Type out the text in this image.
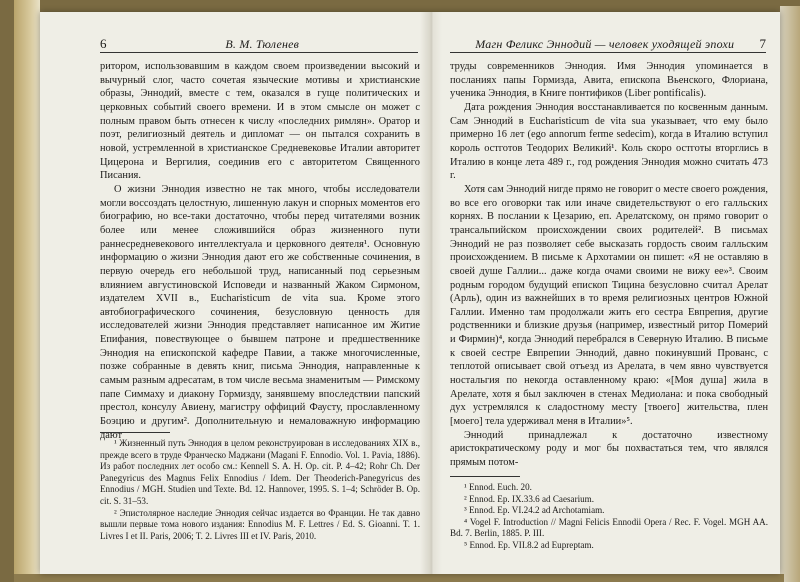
6	В. М. Тюленев

ритором, использовавшим в каждом своем произведении высокий и вычурный слог, часто сочетая языческие мотивы и христианские образы, Эннодий, вместе с тем, оказался в гуще политических и церковных событий своего времени. И в этом смысле он может с полным правом быть отнесен к числу «последних римлян». Оратор и поэт, религиозный деятель и дипломат — он пытался сохранить в новой, устремленной в христианское Средневековье Италии авторитет Цицерона и Вергилия, соединив его с авторитетом Священного Писания.

О жизни Эннодия известно не так много, чтобы исследователи могли воссоздать целостную, лишенную лакун и спорных моментов его биографию, но все-таки достаточно, чтобы перед читателями возник более или менее сложившийся образ жизненного пути раннесредневекового интеллектуала и церковного деятеля¹. Основную информацию о жизни Эннодия дают его же собственные сочинения, в первую очередь его небольшой труд, написанный под серьезным влиянием августиновской Исповеди и названный Жаком Сирмоном, издателем XVII в., Eucharisticum de vita sua. Кроме этого автобиографического сочинения, безусловную ценность для исследователей жизни Эннодия представляет написанное им Житие Епифания, повествующее о бывшем патроне и предшественнике Эннодия на епископской кафедре Павии, а также многочисленные, позже собранные в девять книг, письма Эннодия, направленные к самым разным адресатам, в том числе весьма знаменитым — Римскому папе Симмаху и диакону Гормизду, занявшему впоследствии папский престол, консулу Авиену, магистру оффиций Фаусту, прославленному Боэцию и другим². Дополнительную и немаловажную информацию дают

¹ Жизненный путь Эннодия в целом реконструирован в исследованиях XIX в., прежде всего в труде Франческо Маджани (Magani F. Ennodio. Vol. 1. Pavia, 1886). Из работ последних лет особо см.: Kennell S. A. H. Op. cit. P. 4–42; Rohr Ch. Der Panegyricus des Magnus Felix Ennodius / Idem. Der Theoderich-Panegyricus des Ennodius / MGH. Studien und Texte. Bd. 12. Hannover, 1995. S. 1–4; Schröder B. Op. cit. S. 31–53.

² Эпистолярное наследие Эннодия сейчас издается во Франции. Не так давно вышли первые тома нового издания: Ennodius M. F. Lettres / Ed. S. Gioanni. T. 1. Livres I et II. Paris, 2006; T. 2. Livres III et IV. Paris, 2010.

Магн Феликс Эннодий — человек уходящей эпохи	7

труды современников Эннодия. Имя Эннодия упоминается в посланиях папы Гормизда, Авита, епископа Вьенского, Флориана, ученика Эннодия, в Книге понтификов (Liber pontificalis).

Дата рождения Эннодия восстанавливается по косвенным данным. Сам Эннодий в Eucharisticum de vita sua указывает, что ему было примерно 16 лет (ego annorum ferme sedecim), когда в Италию вступил король остготов Теодорих Великий¹. Коль скоро остготы вторглись в Италию в конце лета 489 г., год рождения Эннодия можно считать 473 г.

Хотя сам Эннодий нигде прямо не говорит о месте своего рождения, во все его оговорки так или иначе свидетельствуют о его галльских корнях. В послании к Цезарию, еп. Арелатскому, он прямо говорит о трансальпийском происхождении своих родителей². В письмах Эннодий не раз позволяет себе высказать гордость своим галльским происхождением. В письме к Архотамии он пишет: «Я не оставляю в своей душе Галлии... даже когда очами своими не вижу ее»³. Своим родным городом будущий епископ Тицина безусловно считал Арелат (Арль), один из важнейших в то время религиозных центров Южной Галлии. Именно там продолжали жить его сестра Евпрепия, другие родственники и близкие друзья (например, известный ритор Померий и Фирмин)⁴, когда Эннодий перебрался в Северную Италию. В письме к своей сестре Евпрепии Эннодий, давно покинувший Прованс, с теплотой описывает свой отъезд из Арелата, в чем явно чувствуется ностальгия по некогда оставленному краю: «[Моя душа] жила в Арелате, хотя я был заключен в стенах Медиолана: и пока свободный дух устремлялся к сладостному месту [твоего] жительства, плен [моего] тела удерживал меня в Италии»⁵.

Эннодий принадлежал к достаточно известному аристократическому роду и мог бы похвастаться тем, что являлся прямым потом-

¹ Ennod. Euch. 20.

² Ennod. Ep. IX.33.6 ad Caesarium.

³ Ennod. Ep. VI.24.2 ad Archotamiam.

⁴ Vogel F. Introduction // Magni Felicis Ennodii Opera / Rec. F. Vogel. MGH AA. Bd. 7. Berlin, 1885. P. III.

⁵ Ennod. Ep. VII.8.2 ad Eupreptam.
